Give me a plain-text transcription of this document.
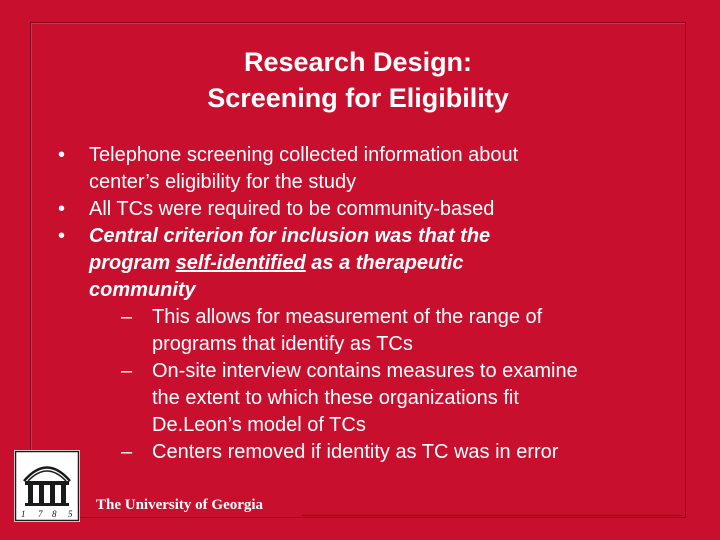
Research Design:
Screening for Eligibility
•	Telephone screening collected information about
center’s eligibility for the study
•	All TCs were required to be community-based
•	Central criterion for inclusion was that the
program self-identified as a therapeutic
community
– This allows for measurement of the range of
programs that identify as TCs
– On-site interview contains measures to examine
the extent to which these organizations fit
De.Leon’s model of TCs
– Centers removed if identity as TC was in error
1 7 8 5
The University of Georgia
